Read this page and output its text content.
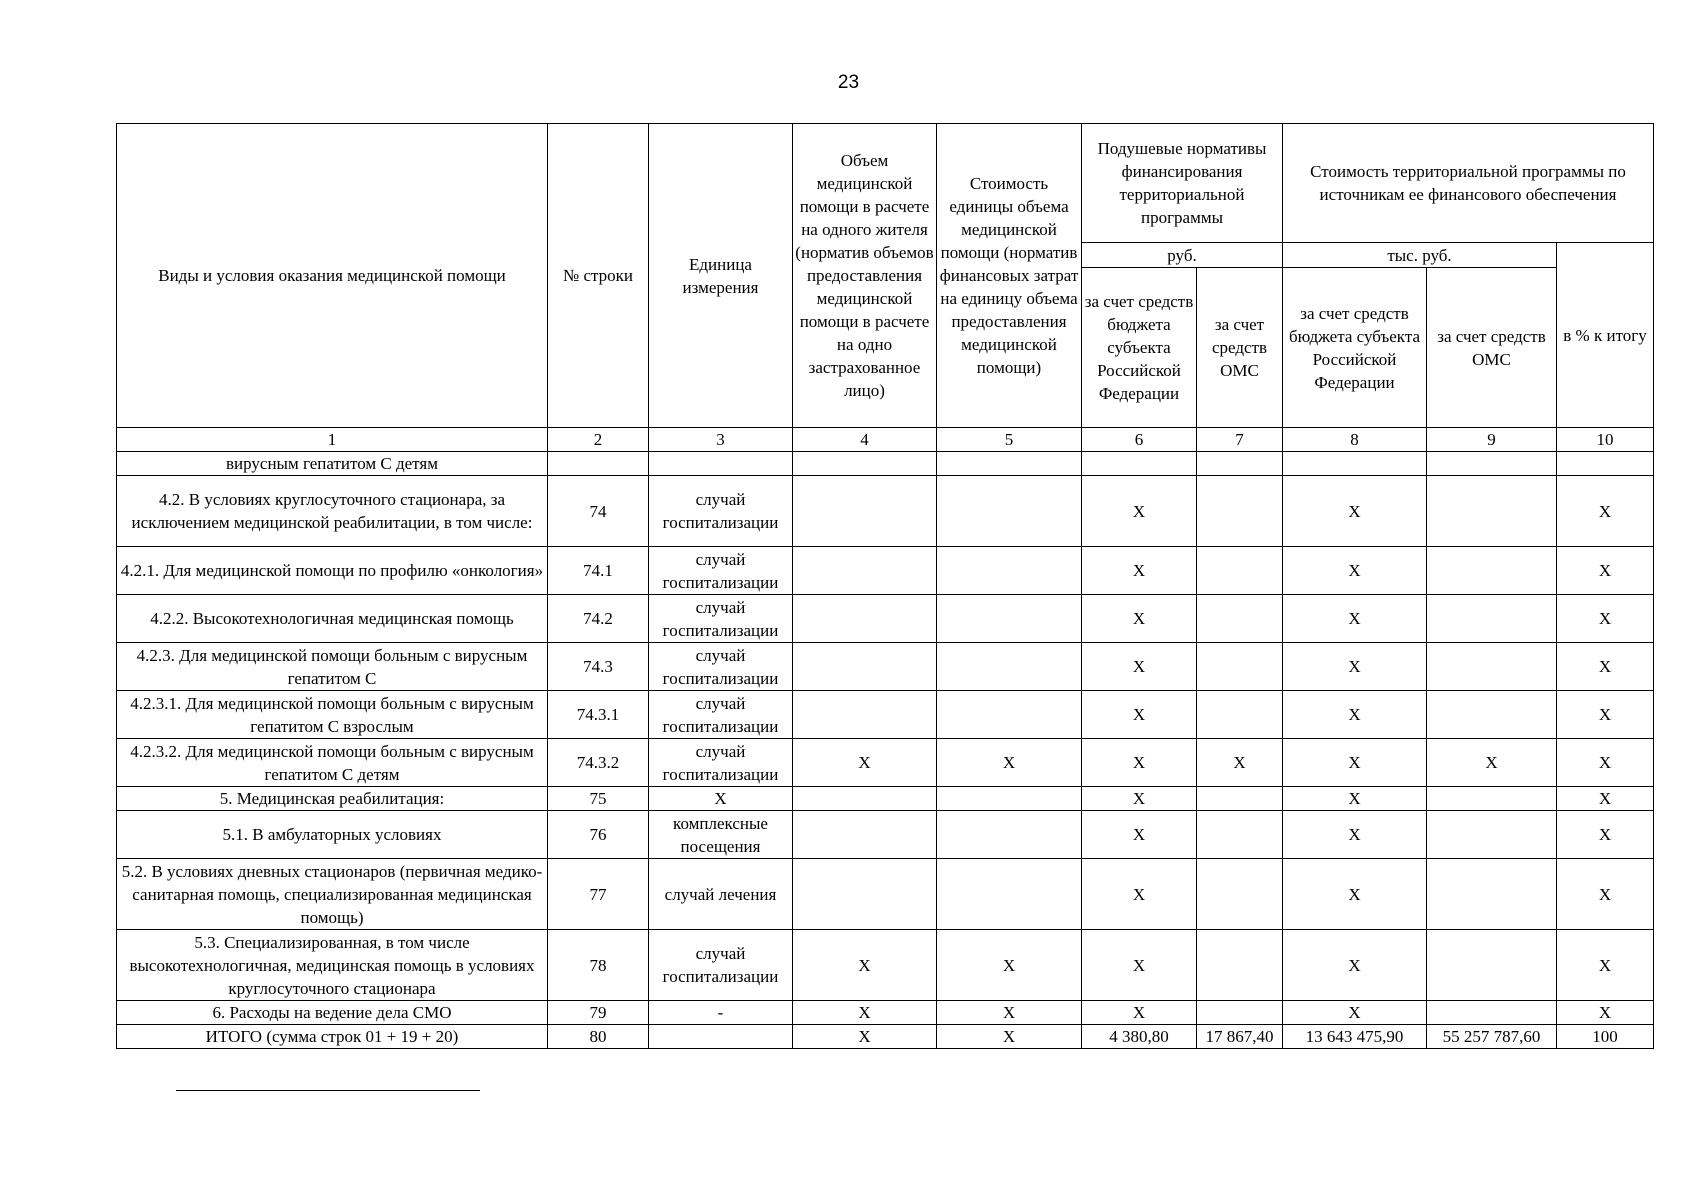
23
Виды и условия оказания медицинской помощи	№ строки	Единица измерения	Объем медицинской помощи в расчете на одного жителя (норматив объемов предоставления медицинской помощи в расчете на одно застрахованное лицо)	Стоимость единицы объема медицинской помощи (норматив финансовых затрат на единицу объема предоставления медицинской помощи)	Подушевые нормативы финансирования территориальной программы		Стоимость территориальной программы по источникам ее финансового обеспечения		
					руб.		тыс. руб.		в % к итогу
					за счет средств бюджета субъекта Российской Федерации	за счет средств ОМС	за счет средств бюджета субъекта Российской Федерации	за счет средств ОМС	
1	2	3	4	5	6	7	8	9	10
вирусным гепатитом С детям									
4.2. В условиях круглосуточного стационара, за исключением медицинской реабилитации, в том числе:	74	случай госпитализации			X		X		X
4.2.1. Для медицинской помощи по профилю «онкология»	74.1	случай госпитализации			X		X		X
4.2.2. Высокотехнологичная медицинская помощь	74.2	случай госпитализации			X		X		X
4.2.3. Для медицинской помощи больным с вирусным гепатитом С	74.3	случай госпитализации			X		X		X
4.2.3.1. Для медицинской помощи больным с вирусным гепатитом С взрослым	74.3.1	случай госпитализации			X		X		X
4.2.3.2. Для медицинской помощи больным с вирусным гепатитом С детям	74.3.2	случай госпитализации	X	X	X	X	X	X	X
5. Медицинская реабилитация:	75	X			X		X		X
5.1. В амбулаторных условиях	76	комплексные посещения			X		X		X
5.2. В условиях дневных стационаров (первичная медико-санитарная помощь, специализированная медицинская помощь)	77	случай лечения			X		X		X
5.3. Специализированная, в том числе высокотехнологичная, медицинская помощь в условиях круглосуточного стационара	78	случай госпитализации	X	X	X		X		X
6. Расходы на ведение дела СМО	79	-	X	X	X		X		X
ИТОГО (сумма строк 01 + 19 + 20)	80		X	X	4 380,80	17 867,40	13 643 475,90	55 257 787,60	100
